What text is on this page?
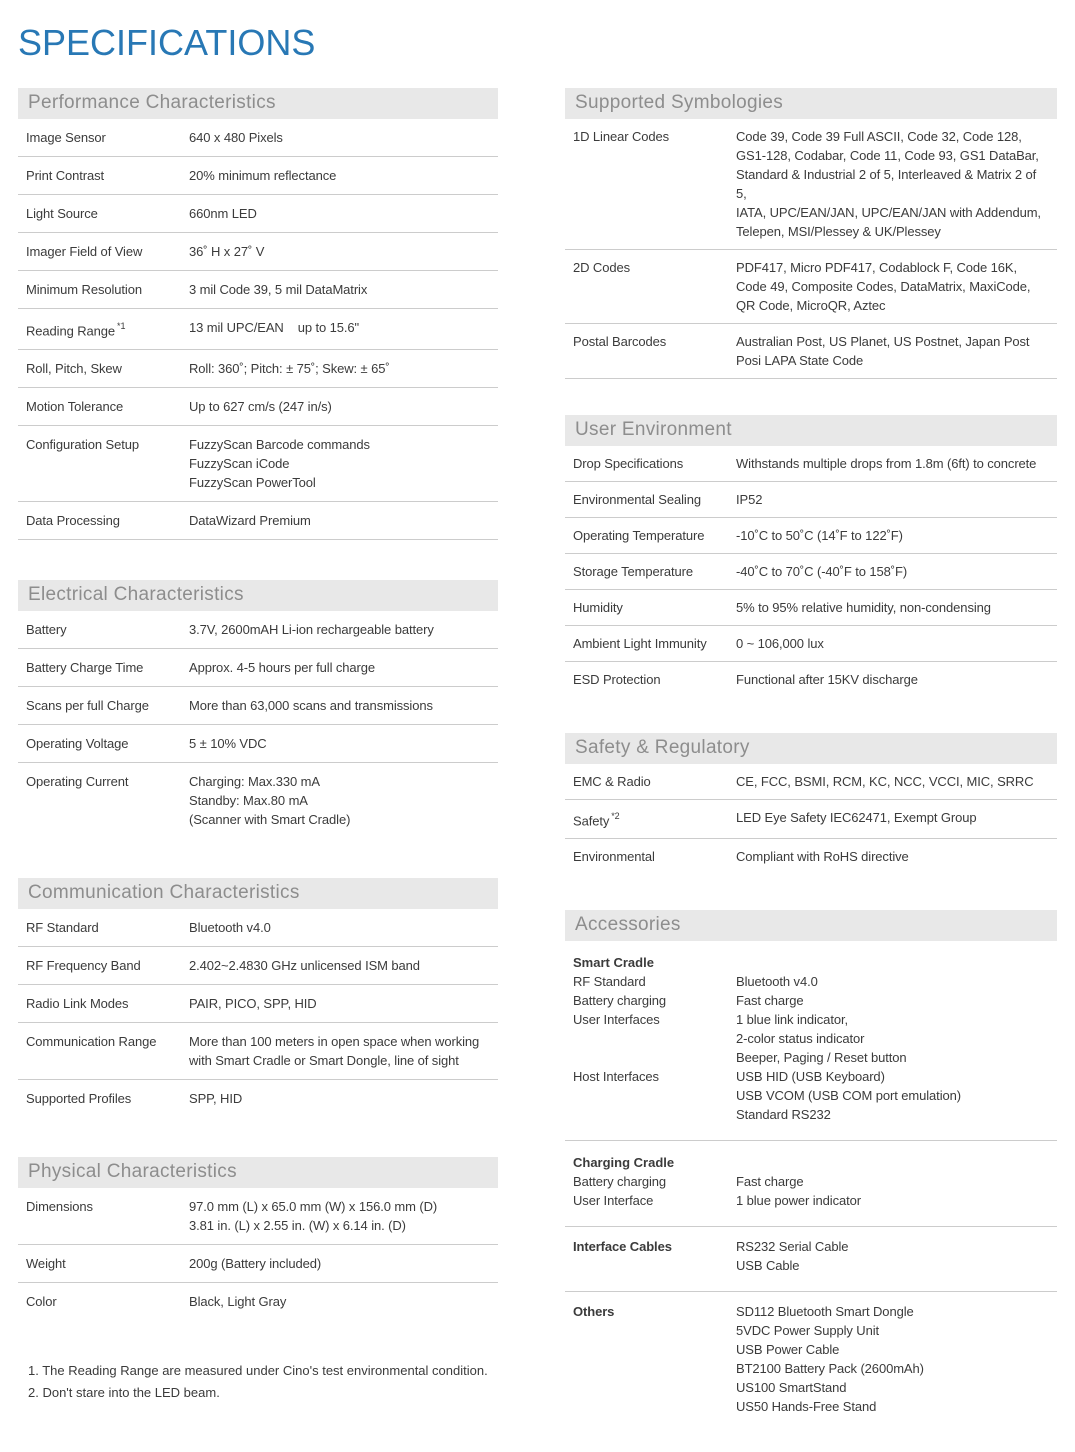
SPECIFICATIONS
Performance Characteristics
Image Sensor	640 x 480 Pixels
Print Contrast	20% minimum reflectance
Light Source	660nm LED
Imager Field of View	36˚ H x 27˚ V
Minimum Resolution	3 mil Code 39, 5 mil DataMatrix
Reading Range $^{*1}$	13 mil UPC/EAN    up to 15.6"
Roll, Pitch, Skew	Roll: 360˚; Pitch: ± 75˚; Skew: ± 65˚
Motion Tolerance	Up to 627 cm/s (247 in/s)
Configuration Setup	FuzzyScan Barcode commands
FuzzyScan iCode
FuzzyScan PowerTool
Data Processing	DataWizard Premium
Electrical Characteristics
Battery	3.7V, 2600mAH Li-ion rechargeable battery
Battery Charge Time	Approx. 4-5 hours per full charge
Scans per full Charge	More than 63,000 scans and transmissions
Operating Voltage	5 ± 10% VDC
Operating Current	Charging: Max.330 mA
Standby: Max.80 mA
(Scanner with Smart Cradle)
Communication Characteristics
RF Standard	Bluetooth v4.0
RF Frequency Band	2.402~2.4830 GHz unlicensed ISM band
Radio Link Modes	PAIR, PICO, SPP, HID
Communication Range	More than 100 meters in open space when working
with Smart Cradle or Smart Dongle, line of sight
Supported Profiles	SPP, HID
Physical Characteristics
Dimensions	97.0 mm (L) x 65.0 mm (W) x 156.0 mm (D)
3.81 in. (L) x 2.55 in. (W) x 6.14 in. (D)
Weight	200g (Battery included)
Color	Black, Light Gray
1. The Reading Range are measured under Cino's test environmental condition.
2. Don't stare into the LED beam.
Supported Symbologies
1D Linear Codes	Code 39, Code 39 Full ASCII, Code 32, Code 128,
GS1-128, Codabar, Code 11, Code 93, GS1 DataBar,
Standard & Industrial 2 of 5, Interleaved & Matrix 2 of 5,
IATA, UPC/EAN/JAN, UPC/EAN/JAN with Addendum,
Telepen, MSI/Plessey & UK/Plessey
2D Codes	PDF417, Micro PDF417, Codablock F, Code 16K,
Code 49, Composite Codes, DataMatrix, MaxiCode,
QR Code, MicroQR, Aztec
Postal Barcodes	Australian Post, US Planet, US Postnet, Japan Post
Posi LAPA State Code
User Environment
Drop Specifications	Withstands multiple drops from 1.8m (6ft) to concrete
Environmental Sealing	IP52
Operating Temperature	-10˚C to 50˚C (14˚F to 122˚F)
Storage Temperature	-40˚C to 70˚C (-40˚F to 158˚F)
Humidity	5% to 95% relative humidity, non-condensing
Ambient Light Immunity	0 ~ 106,000 lux
ESD Protection	Functional after 15KV discharge
Safety & Regulatory
EMC & Radio	CE, FCC, BSMI, RCM, KC, NCC, VCCI, MIC, SRRC
Safety $^{*2}$	LED Eye Safety IEC62471, Exempt Group
Environmental	Compliant with RoHS directive
Accessories
Smart Cradle
RF Standard	Bluetooth v4.0
Battery charging	Fast charge
User Interfaces	1 blue link indicator,
2-color status indicator
Beeper, Paging / Reset button
Host Interfaces	USB HID (USB Keyboard)
USB VCOM (USB COM port emulation)
Standard RS232
Charging Cradle
Battery charging	Fast charge
User Interface	1 blue power indicator
Interface Cables	RS232 Serial Cable
USB Cable
Others	SD112 Bluetooth Smart Dongle
5VDC Power Supply Unit
USB Power Cable
BT2100 Battery Pack (2600mAh)
US100 SmartStand
US50 Hands-Free Stand
